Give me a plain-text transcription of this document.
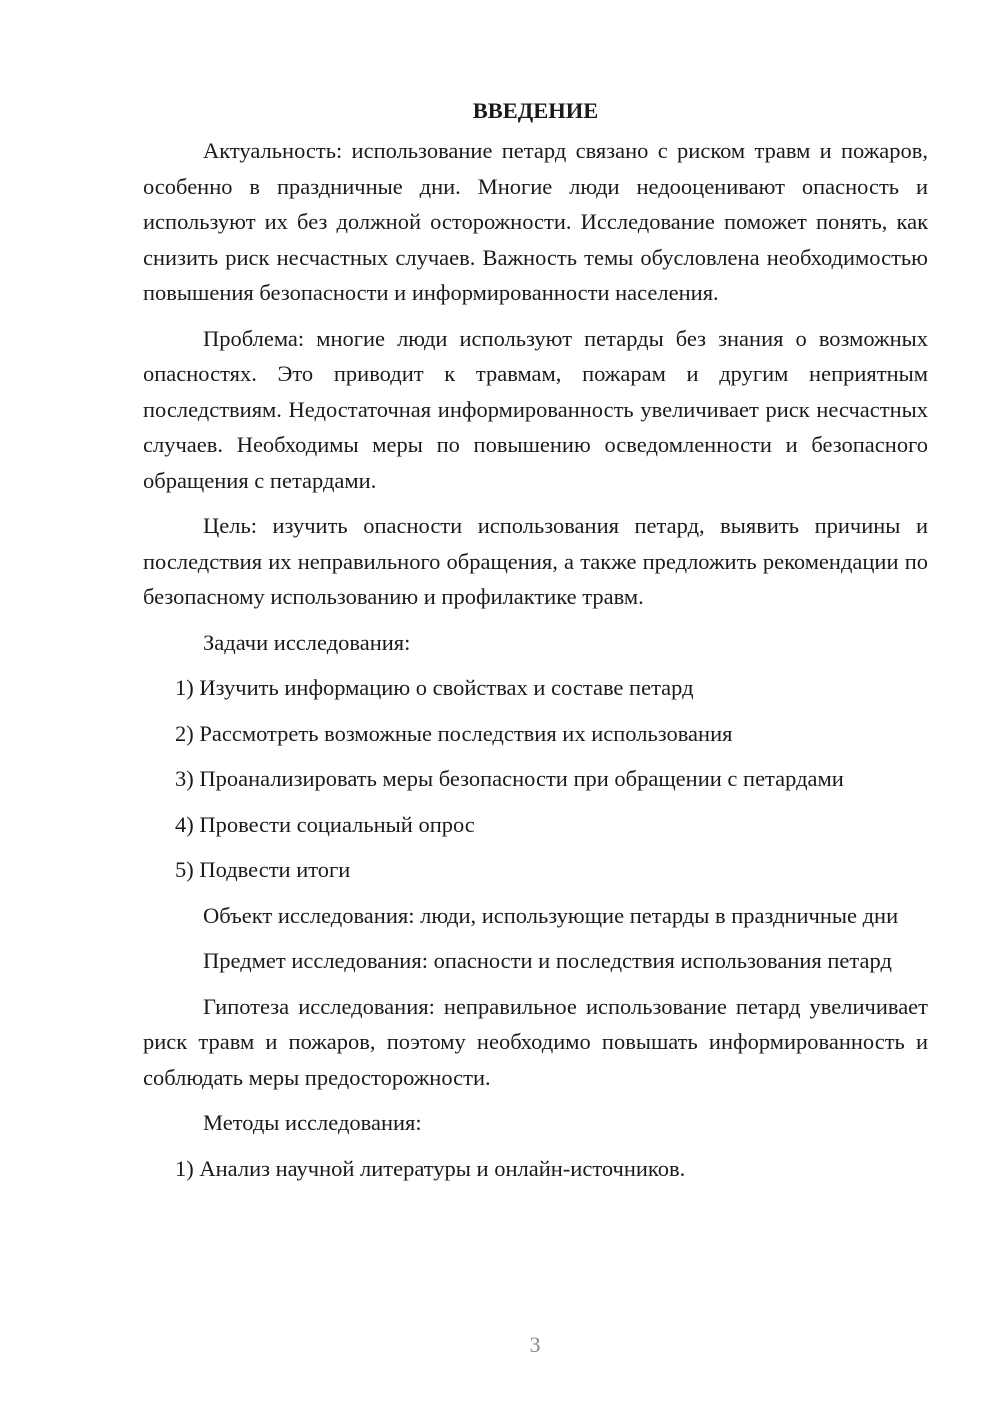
ВВЕДЕНИЕ

Актуальность: использование петард связано с риском травм и пожаров, особенно в праздничные дни. Многие люди недооценивают опасность и используют их без должной осторожности. Исследование поможет понять, как снизить риск несчастных случаев. Важность темы обусловлена необходимостью повышения безопасности и информированности населения.

Проблема: многие люди используют петарды без знания о возможных опасностях. Это приводит к травмам, пожарам и другим неприятным последствиям. Недостаточная информированность увеличивает риск несчастных случаев. Необходимы меры по повышению осведомленности и безопасного обращения с петардами.

Цель: изучить опасности использования петард, выявить причины и последствия их неправильного обращения, а также предложить рекомендации по безопасному использованию и профилактике травм.

Задачи исследования:

1) Изучить информацию о свойствах и составе петард
2) Рассмотреть возможные последствия их использования
3) Проанализировать меры безопасности при обращении с петардами
4) Провести социальный опрос
5) Подвести итоги

Объект исследования: люди, использующие петарды в праздничные дни

Предмет исследования: опасности и последствия использования петард

Гипотеза исследования: неправильное использование петард увеличивает риск травм и пожаров, поэтому необходимо повышать информированность и соблюдать меры предосторожности.

Методы исследования:

1) Анализ научной литературы и онлайн-источников.
3
